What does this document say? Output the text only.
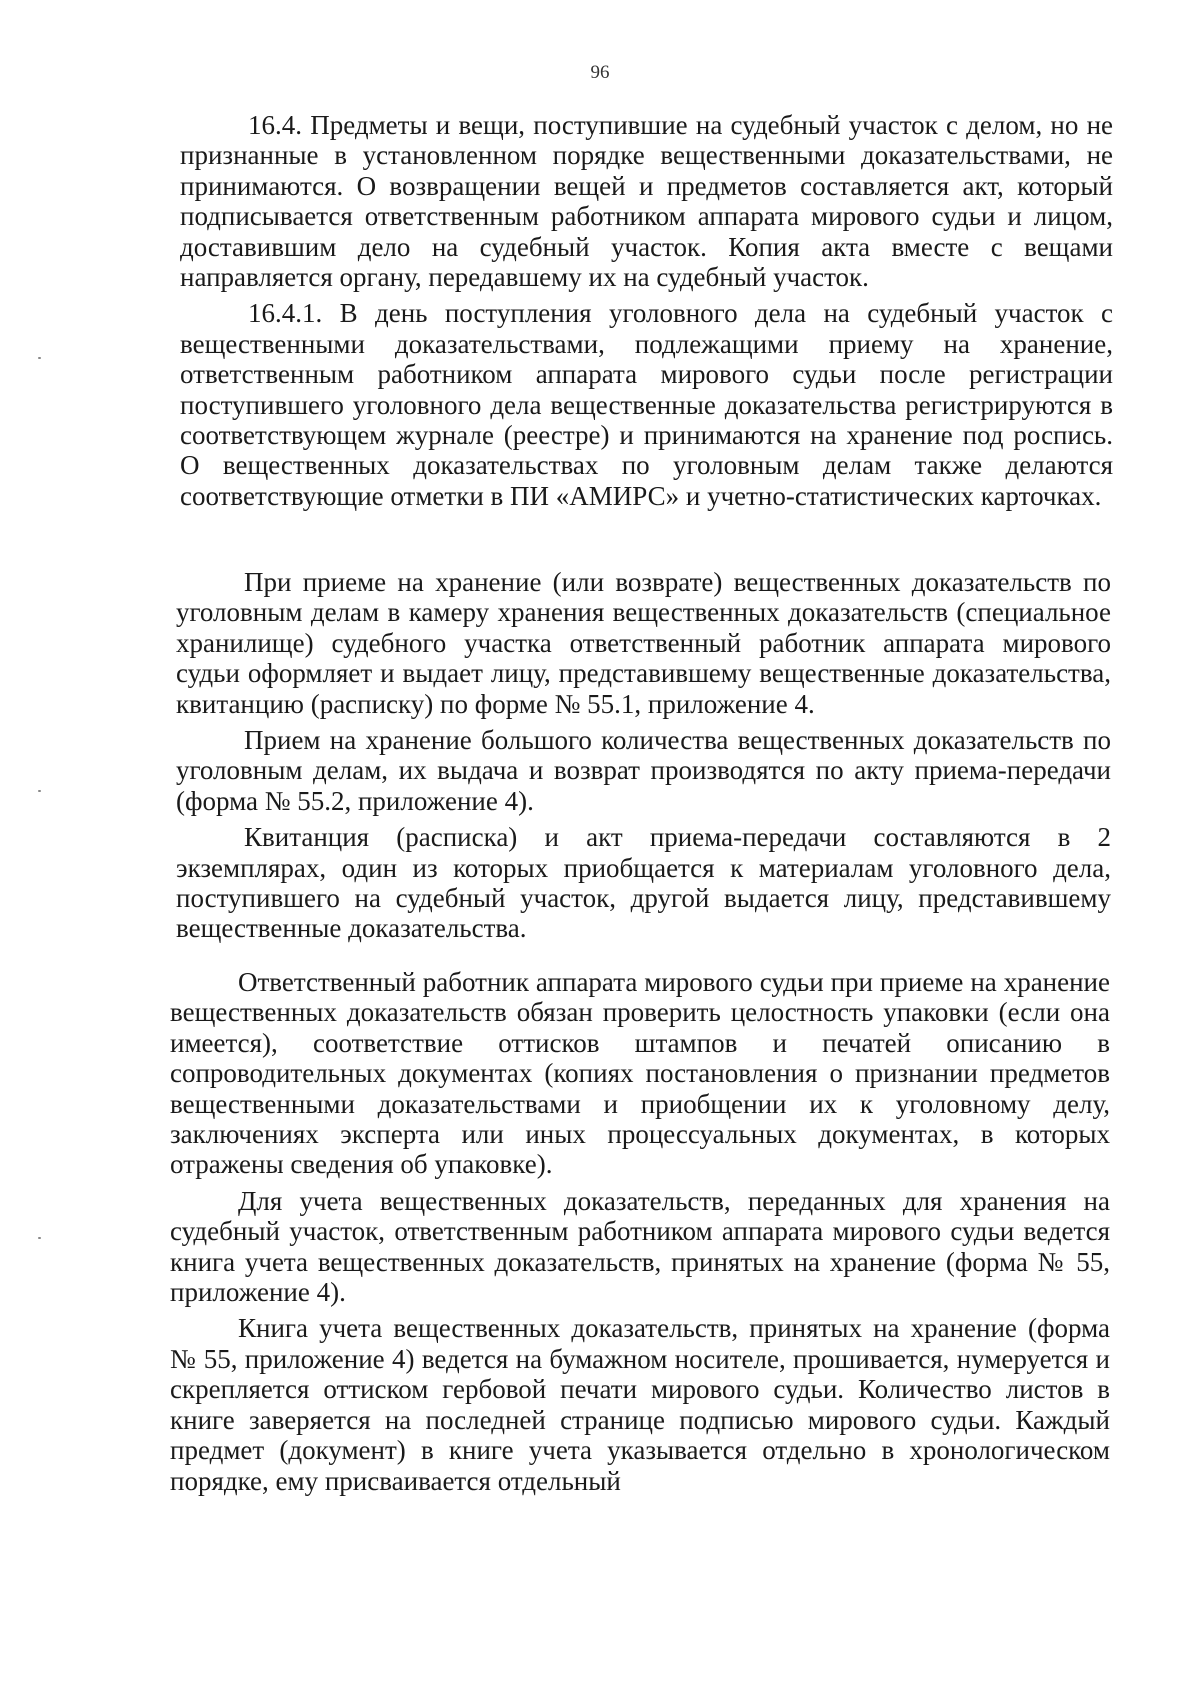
96

16.4. Предметы и вещи, поступившие на судебный участок с делом, но не признанные в установленном порядке вещественными доказательствами, не принимаются. О возвращении вещей и предметов составляется акт, который подписывается ответственным работником аппарата мирового судьи и лицом, доставившим дело на судебный участок. Копия акта вместе с вещами направляется органу, передавшему их на судебный участок.

16.4.1. В день поступления уголовного дела на судебный участок с вещественными доказательствами, подлежащими приему на хранение, ответственным работником аппарата мирового судьи после регистрации поступившего уголовного дела вещественные доказательства регистрируются в соответствующем журнале (реестре) и принимаются на хранение под роспись. О вещественных доказательствах по уголовным делам также делаются соответствующие отметки в ПИ «АМИРС» и учетно-статистических карточках.

При приеме на хранение (или возврате) вещественных доказательств по уголовным делам в камеру хранения вещественных доказательств (специальное хранилище) судебного участка ответственный работник аппарата мирового судьи оформляет и выдает лицу, представившему вещественные доказательства, квитанцию (расписку) по форме № 55.1, приложение 4.

Прием на хранение большого количества вещественных доказательств по уголовным делам, их выдача и возврат производятся по акту приема-передачи (форма № 55.2, приложение 4).

Квитанция (расписка) и акт приема-передачи составляются в 2 экземплярах, один из которых приобщается к материалам уголовного дела, поступившего на судебный участок, другой выдается лицу, представившему вещественные доказательства.

Ответственный работник аппарата мирового судьи при приеме на хранение вещественных доказательств обязан проверить целостность упаковки (если она имеется), соответствие оттисков штампов и печатей описанию в сопроводительных документах (копиях постановления о признании предметов вещественными доказательствами и приобщении их к уголовному делу, заключениях эксперта или иных процессуальных документах, в которых отражены сведения об упаковке).

Для учета вещественных доказательств, переданных для хранения на судебный участок, ответственным работником аппарата мирового судьи ведется книга учета вещественных доказательств, принятых на хранение (форма № 55, приложение 4).

Книга учета вещественных доказательств, принятых на хранение (форма № 55, приложение 4) ведется на бумажном носителе, прошивается, нумеруется и скрепляется оттиском гербовой печати мирового судьи. Количество листов в книге заверяется на последней странице подписью мирового судьи. Каждый предмет (документ) в книге учета указывается отдельно в хронологическом порядке, ему присваивается отдельный
